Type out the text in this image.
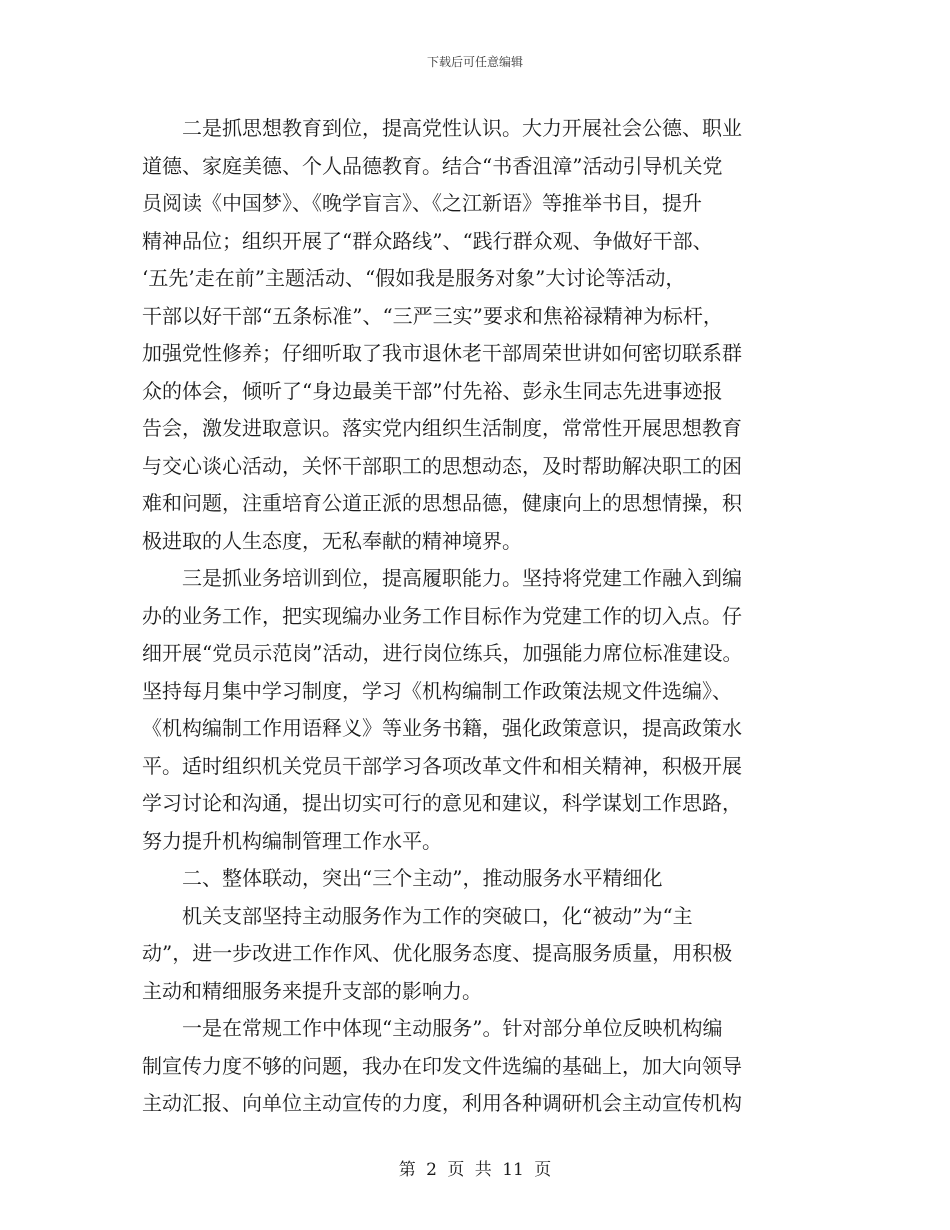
下载后可任意编辑
　　二是抓思想教育到位，提高党性认识。大力开展社会公德、职业
道德、家庭美德、个人品德教育。结合“书香沮漳”活动引导机关党
员阅读《中国梦》、《晚学盲言》、《之江新语》等推举书目，提升
精神品位；组织开展了“群众路线”、“践行群众观、争做好干部、
‘五先’走在前”主题活动、“假如我是服务对象”大讨论等活动，
干部以好干部“五条标准”、“三严三实”要求和焦裕禄精神为标杆，
加强党性修养；仔细听取了我市退休老干部周荣世讲如何密切联系群
众的体会，倾听了“身边最美干部”付先裕、彭永生同志先进事迹报
告会，激发进取意识。落实党内组织生活制度，常常性开展思想教育
与交心谈心活动，关怀干部职工的思想动态，及时帮助解决职工的困
难和问题，注重培育公道正派的思想品德，健康向上的思想情操，积
极进取的人生态度，无私奉献的精神境界。
　　三是抓业务培训到位，提高履职能力。坚持将党建工作融入到编
办的业务工作，把实现编办业务工作目标作为党建工作的切入点。仔
细开展“党员示范岗”活动，进行岗位练兵，加强能力席位标准建设。
坚持每月集中学习制度，学习《机构编制工作政策法规文件选编》、
《机构编制工作用语释义》等业务书籍，强化政策意识，提高政策水
平。适时组织机关党员干部学习各项改革文件和相关精神，积极开展
学习讨论和沟通，提出切实可行的意见和建议，科学谋划工作思路，
努力提升机构编制管理工作水平。
　　二、整体联动，突出“三个主动”，推动服务水平精细化
　　机关支部坚持主动服务作为工作的突破口，化“被动”为“主
动”，进一步改进工作作风、优化服务态度、提高服务质量，用积极
主动和精细服务来提升支部的影响力。
　　一是在常规工作中体现“主动服务”。针对部分单位反映机构编
制宣传力度不够的问题，我办在印发文件选编的基础上，加大向领导
主动汇报、向单位主动宣传的力度，利用各种调研机会主动宣传机构
第 2 页 共 11 页
